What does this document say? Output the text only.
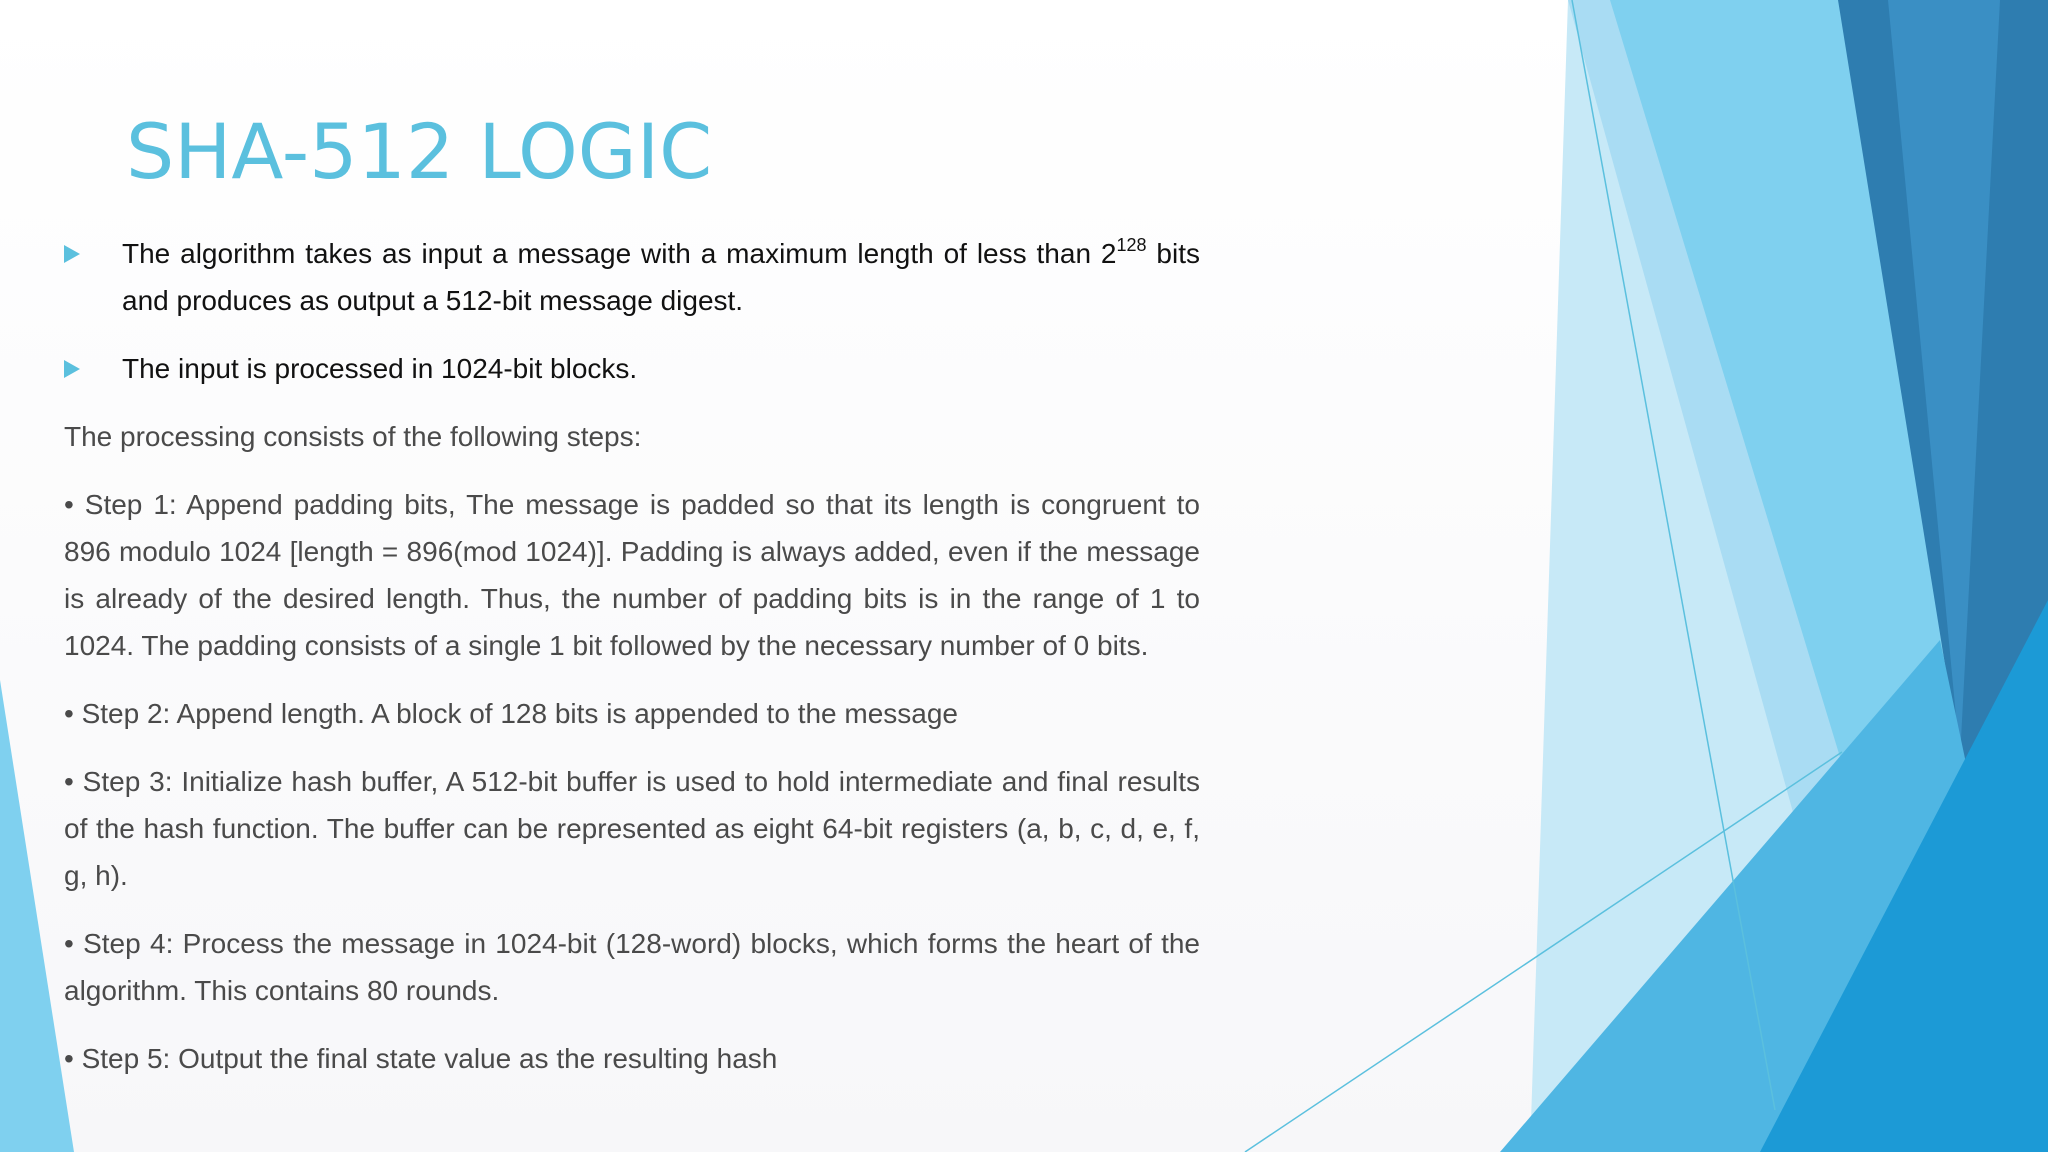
SHA-512 LOGIC

The algorithm takes as input a message with a maximum length of less than $2^{128}$ bits and produces as output a 512-bit message digest.

The input is processed in 1024-bit blocks.

The processing consists of the following steps:

• Step 1: Append padding bits, The message is padded so that its length is congruent to 896 modulo 1024 [length = 896(mod 1024)]. Padding is always added, even if the message is already of the desired length. Thus, the number of padding bits is in the range of 1 to 1024. The padding consists of a single 1 bit followed by the necessary number of 0 bits.

• Step 2: Append length. A block of 128 bits is appended to the message

• Step 3: Initialize hash buffer, A 512-bit buffer is used to hold intermediate and final results of the hash function. The buffer can be represented as eight 64-bit registers (a, b, c, d, e, f, g, h).

• Step 4: Process the message in 1024-bit (128-word) blocks, which forms the heart of the algorithm. This contains 80 rounds.

• Step 5: Output the final state value as the resulting hash
